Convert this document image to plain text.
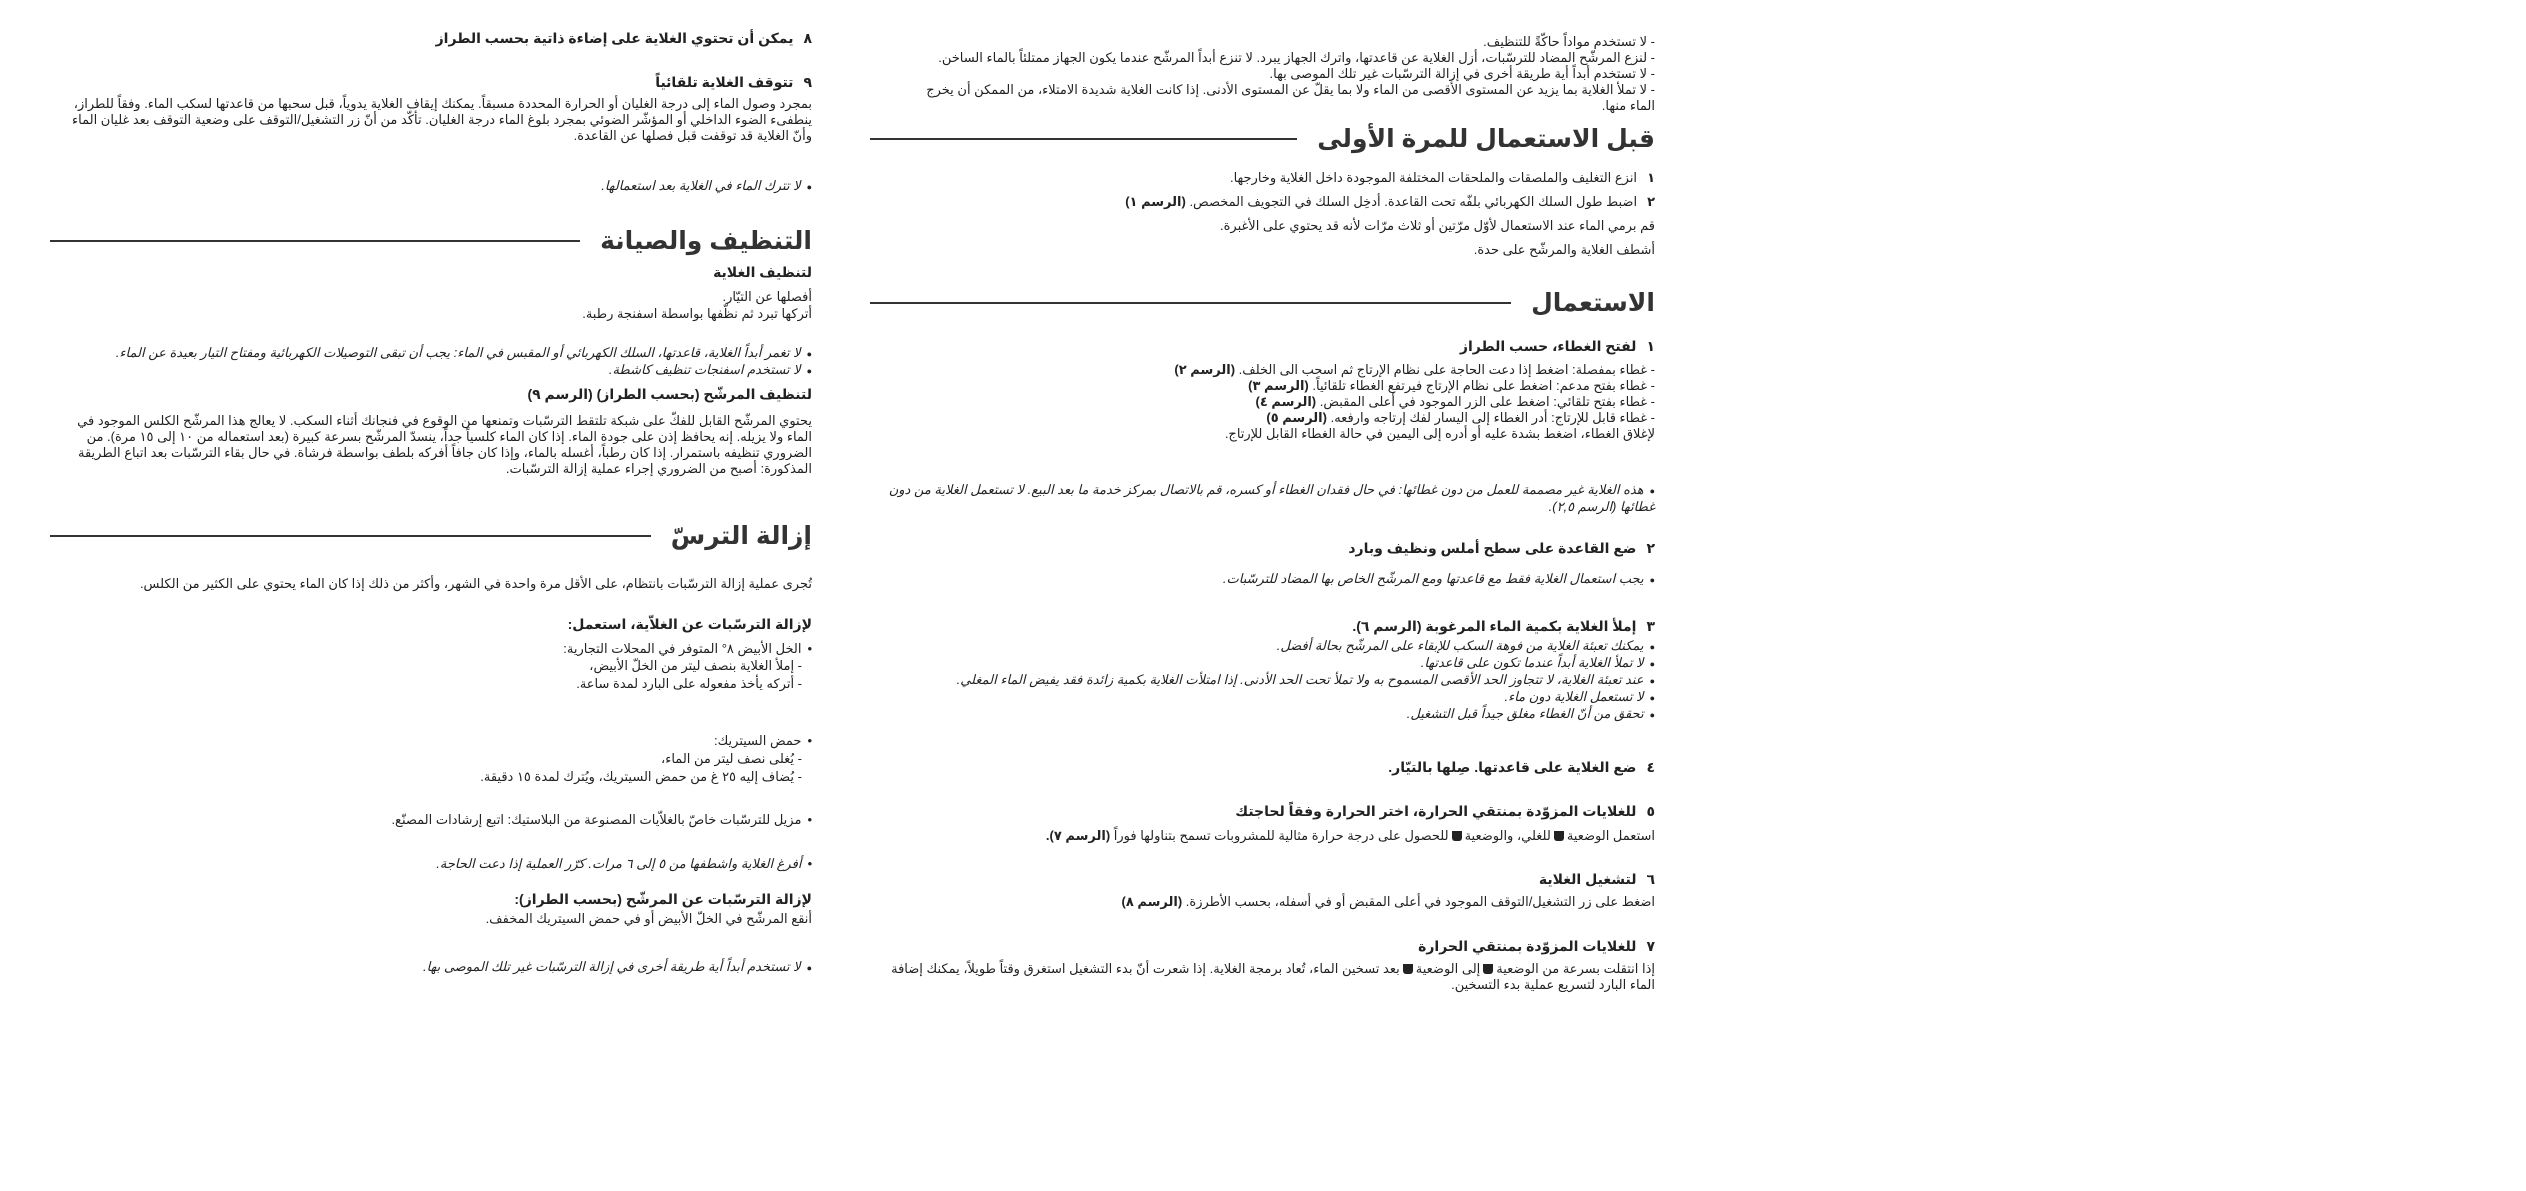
- لا تستخدم مواداً حاكّةً للتنظيف.
- لنزع المرشّح المضاد للترسّبات، أزل الغلاية عن قاعدتها، واترك الجهاز يبرد. لا تنزع أبداً المرشّح عندما يكون الجهاز ممتلئاً بالماء الساخن.
- لا تستخدم أبداً أية طريقة أخرى في إزالة الترسّبات غير تلك الموصى بها.
- لا تملأ الغلاية بما يزيد عن المستوى الأقصى من الماء ولا بما يقلّ عن المستوى الأدنى. إذا كانت الغلاية شديدة الامتلاء، من الممكن أن يخرج الماء منها.
قبل الاستعمال للمرة الأولى
١انزع التغليف والملصقات والملحقات المختلفة الموجودة داخل الغلاية وخارجها.
٢اضبط طول السلك الكهربائي بلفّه تحت القاعدة. أدخِل السلك في التجويف المخصص. (الرسم ١)
قم برمي الماء عند الاستعمال لأوّل مرّتين أو ثلاث مرّات لأنه قد يحتوي على الأغبرة.
أشطف الغلاية والمرشّح على حدة.
الاستعمال
١لفتح الغطاء، حسب الطراز
- غطاء بمفصلة: اضغط إذا دعت الحاجة على نظام الإرتاج ثم اسحب الى الخلف. (الرسم ٢)
- غطاء بفتح مدعم: اضغط على نظام الإرتاج فيرتفع الغطاء تلقائياً. (الرسم ٣)
- غطاء بفتح تلقائي: اضغط على الزر الموجود في أعلى المقبض. (الرسم ٤)
- غطاء قابل للإرتاج: أدر الغطاء إلى اليسار لفك إرتاجه وارفعه. (الرسم ٥)
لإغلاق الغطاء، اضغط بشدة عليه أو أدره إلى اليمين في حالة الغطاء القابل للإرتاج.
● هذه الغلاية غير مصممة للعمل من دون غطائها: في حال فقدان الغطاء أو كسره، قم بالاتصال بمركز خدمة ما بعد البيع. لا تستعمل الغلاية من دون غطائها (الرسم ٢,٥).
٢ضع القاعدة على سطح أملس ونظيف وبارد
● يجب استعمال الغلاية فقط مع قاعدتها ومع المرشّح الخاص بها المضاد للترسّبات.
٣إملأ الغلاية بكمية الماء المرغوبة (الرسم ٦).
● يمكنك تعبئة الغلاية من فوهة السكب للإبقاء على المرشّح بحالة أفضل.
● لا تملأ الغلاية أبداً عندما تكون على قاعدتها.
● عند تعبئة الغلاية، لا تتجاوز الحد الأقصى المسموح به ولا تملأ تحت الحد الأدنى. إذا امتلأت الغلاية بكمية زائدة فقد يفيض الماء المغلي.
● لا تستعمل الغلاية دون ماء.
● تحقق من أنّ الغطاء مغلق جيداً قبل التشغيل.
٤ضع الغلاية على قاعدتها. صِلها بالتيّار.
٥للغلايات المزوّدة بمنتقي الحرارة، اختر الحرارة وفقاً لحاجتك
استعمل الوضعيةللغلي، والوضعيةللحصول على درجة حرارة مثالية للمشروبات تسمح بتناولها فوراً (الرسم ٧).
٦لتشغيل الغلاية
اضغط على زر التشغيل/التوقف الموجود في أعلى المقبض أو في أسفله، بحسب الأطرزة. (الرسم ٨)
٧للغلايات المزوّدة بمنتقي الحرارة
إذا انتقلت بسرعة من الوضعيةإلى الوضعيةبعد تسخين الماء، تُعاد برمجة الغلاية. إذا شعرت أنّ بدء التشغيل استغرق وقتاً طويلاً، يمكنك إضافة الماء البارد لتسريع عملية بدء التسخين.
٨يمكن أن تحتوي الغلاية على إضاءة ذاتية بحسب الطراز
٩تتوقف الغلاية تلقائياً
بمجرد وصول الماء إلى درجة الغليان أو الحرارة المحددة مسبقاً. يمكنك إيقاف الغلاية يدوياً، قبل سحبها من قاعدتها لسكب الماء. وفقاً للطراز، ينطفىء الضوء الداخلي أو المؤشّر الضوئي بمجرد بلوغ الماء درجة الغليان. تأكّد من أنّ زر التشغيل/التوقف على وضعية التوقف بعد غليان الماء وأنّ الغلاية قد توقفت قبل فصلها عن القاعدة.
● لا تترك الماء في الغلاية بعد استعمالها.
التنظيف والصيانة
لتنظيف الغلاية
أفصلها عن التيّار.
أتركها تبرد ثم نظّفها بواسطة اسفنجة رطبة.
● لا تغمر أبداً الغلاية، قاعدتها، السلك الكهربائي أو المقبس في الماء: يجب أن تبقى التوصيلات الكهربائية ومفتاح التيار بعيدة عن الماء.
● لا تستخدم اسفنجات تنظيف كاشطة.
لتنظيف المرشّح (بحسب الطراز) (الرسم ٩)
يحتوي المرشّح القابل للفكّ على شبكة تلتقط الترسّبات وتمنعها من الوقوع في فنجانك أثناء السكب. لا يعالج هذا المرشّح الكلس الموجود في الماء ولا يزيله. إنه يحافظ إذن على جودة الماء. إذا كان الماء كلسياً جداً، ينسدّ المرشّح بسرعة كبيرة (بعد استعماله من ١٠ إلى ١٥ مرة). من الضروري تنظيفه باستمرار. إذا كان رطباً، أغسله بالماء، وإذا كان جافاً أفركه بلطف بواسطة فرشاة. في حال بقاء الترسّبات بعد اتباع الطريقة المذكورة: أصبح من الضروري إجراء عملية إزالة الترسّبات.
إزالة الترسّ
تُجرى عملية إزالة الترسّبات بانتظام، على الأقل مرة واحدة في الشهر، وأكثر من ذلك إذا كان الماء يحتوي على الكثير من الكلس.
لإزالة الترسّبات عن الغلاّية، استعمل:
• الخل الأبيض ٨° المتوفر في المحلات التجارية:
- إملأ الغلاية بنصف ليتر من الخلّ الأبيض،
- أتركه يأخذ مفعوله على البارد لمدة ساعة.
• حمض السيتريك:
- يُغلى نصف ليتر من الماء،
- يُضاف إليه ٢٥ غ من حمض السيتريك، ويُترك لمدة ١٥ دقيقة.
• مزيل للترسّبات خاصّ بالغلاّيات المصنوعة من البلاستيك: اتبع إرشادات المصنّع.
• أفرغ الغلاية واشطفها من ٥ إلى ٦ مرات. كرّر العملية إذا دعت الحاجة.
لإزالة الترسّبات عن المرشّح (بحسب الطراز):
أنقع المرشّح في الخلّ الأبيض أو في حمض السيتريك المخفف.
● لا تستخدم أبداً أية طريقة أخرى في إزالة الترسّبات غير تلك الموصى بها.
